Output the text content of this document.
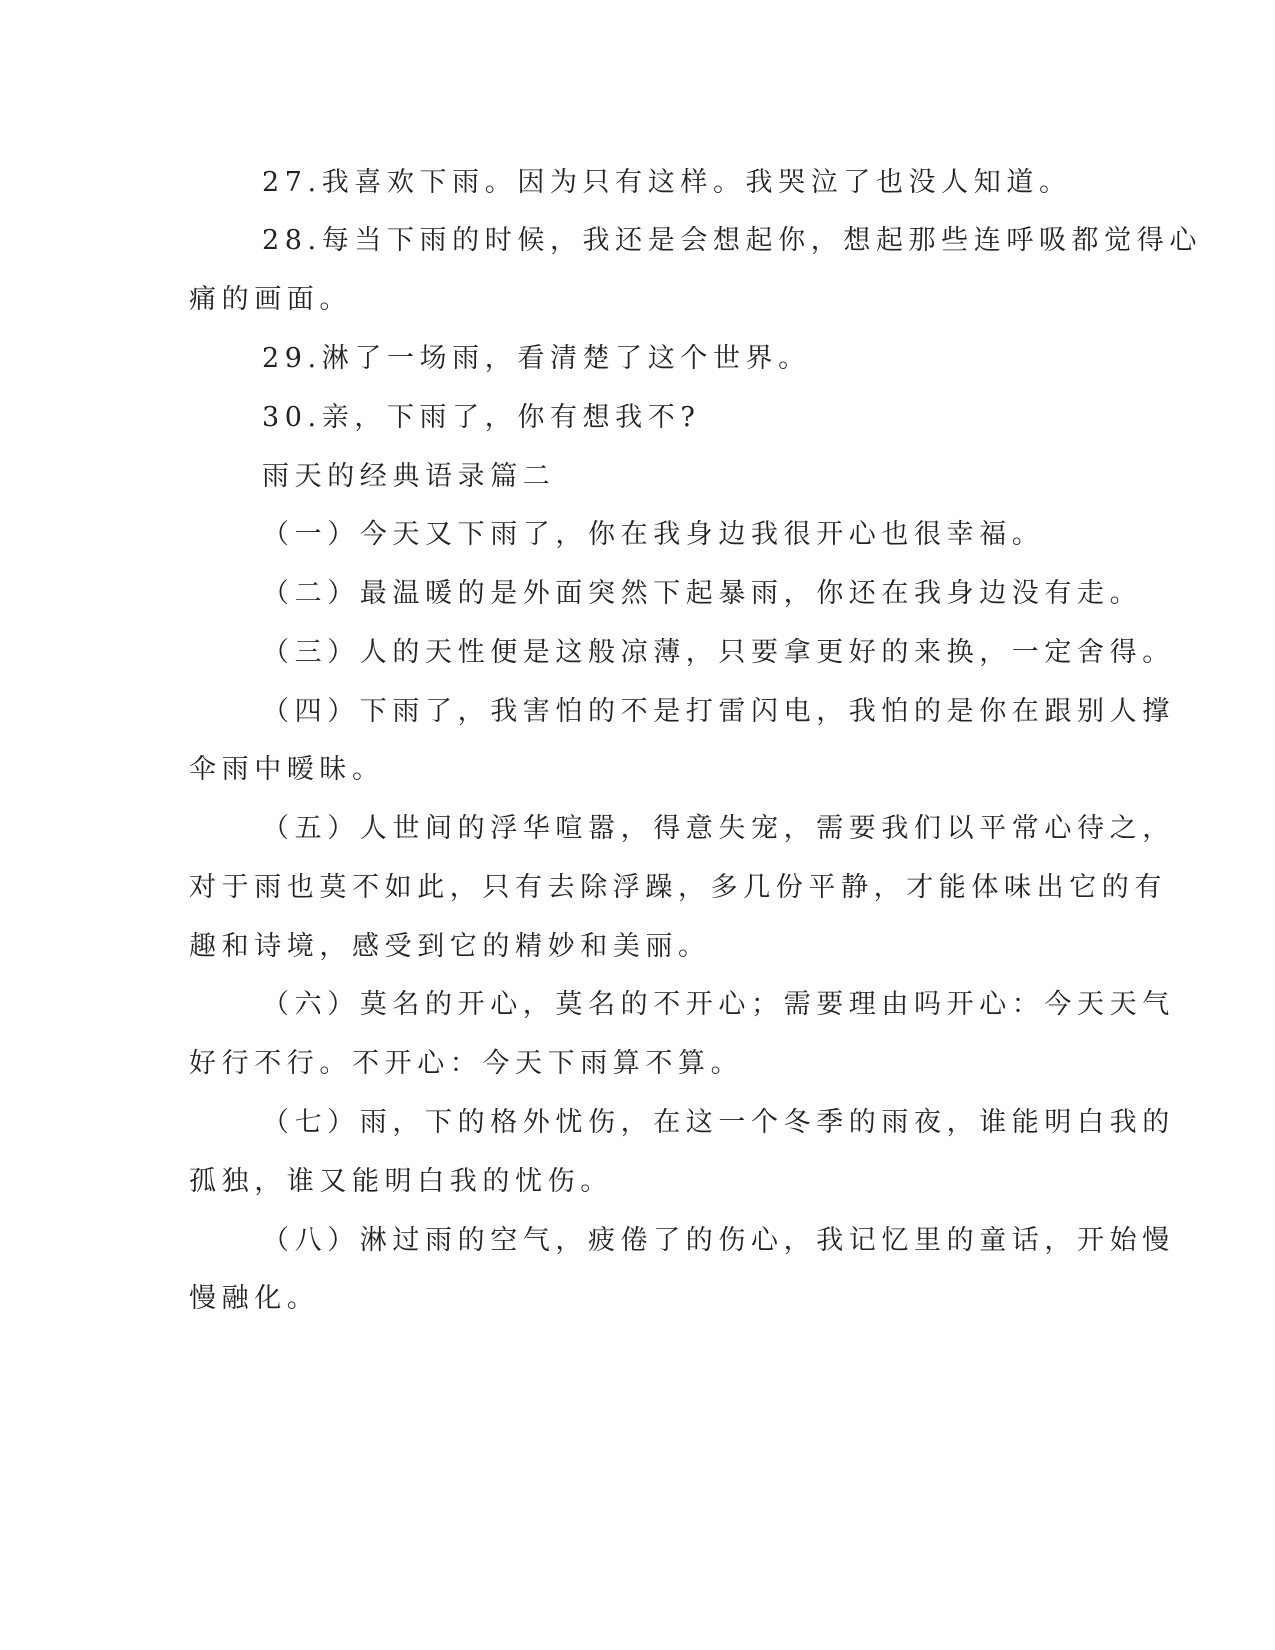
27.我喜欢下雨。因为只有这样。我哭泣了也没人知道。
28.每当下雨的时候，我还是会想起你，想起那些连呼吸都觉得心
痛的画面。
29.淋了一场雨，看清楚了这个世界。
30.亲，下雨了，你有想我不?
雨天的经典语录篇二
（一）今天又下雨了，你在我身边我很开心也很幸福。
（二）最温暖的是外面突然下起暴雨，你还在我身边没有走。
（三）人的天性便是这般凉薄，只要拿更好的来换，一定舍得。
（四）下雨了，我害怕的不是打雷闪电，我怕的是你在跟别人撑
伞雨中暧昧。
（五）人世间的浮华喧嚣，得意失宠，需要我们以平常心待之，
对于雨也莫不如此，只有去除浮躁，多几份平静，才能体味出它的有
趣和诗境，感受到它的精妙和美丽。
（六）莫名的开心，莫名的不开心；需要理由吗开心：今天天气
好行不行。不开心：今天下雨算不算。
（七）雨，下的格外忧伤，在这一个冬季的雨夜，谁能明白我的
孤独，谁又能明白我的忧伤。
（八）淋过雨的空气，疲倦了的伤心，我记忆里的童话，开始慢
慢融化。
